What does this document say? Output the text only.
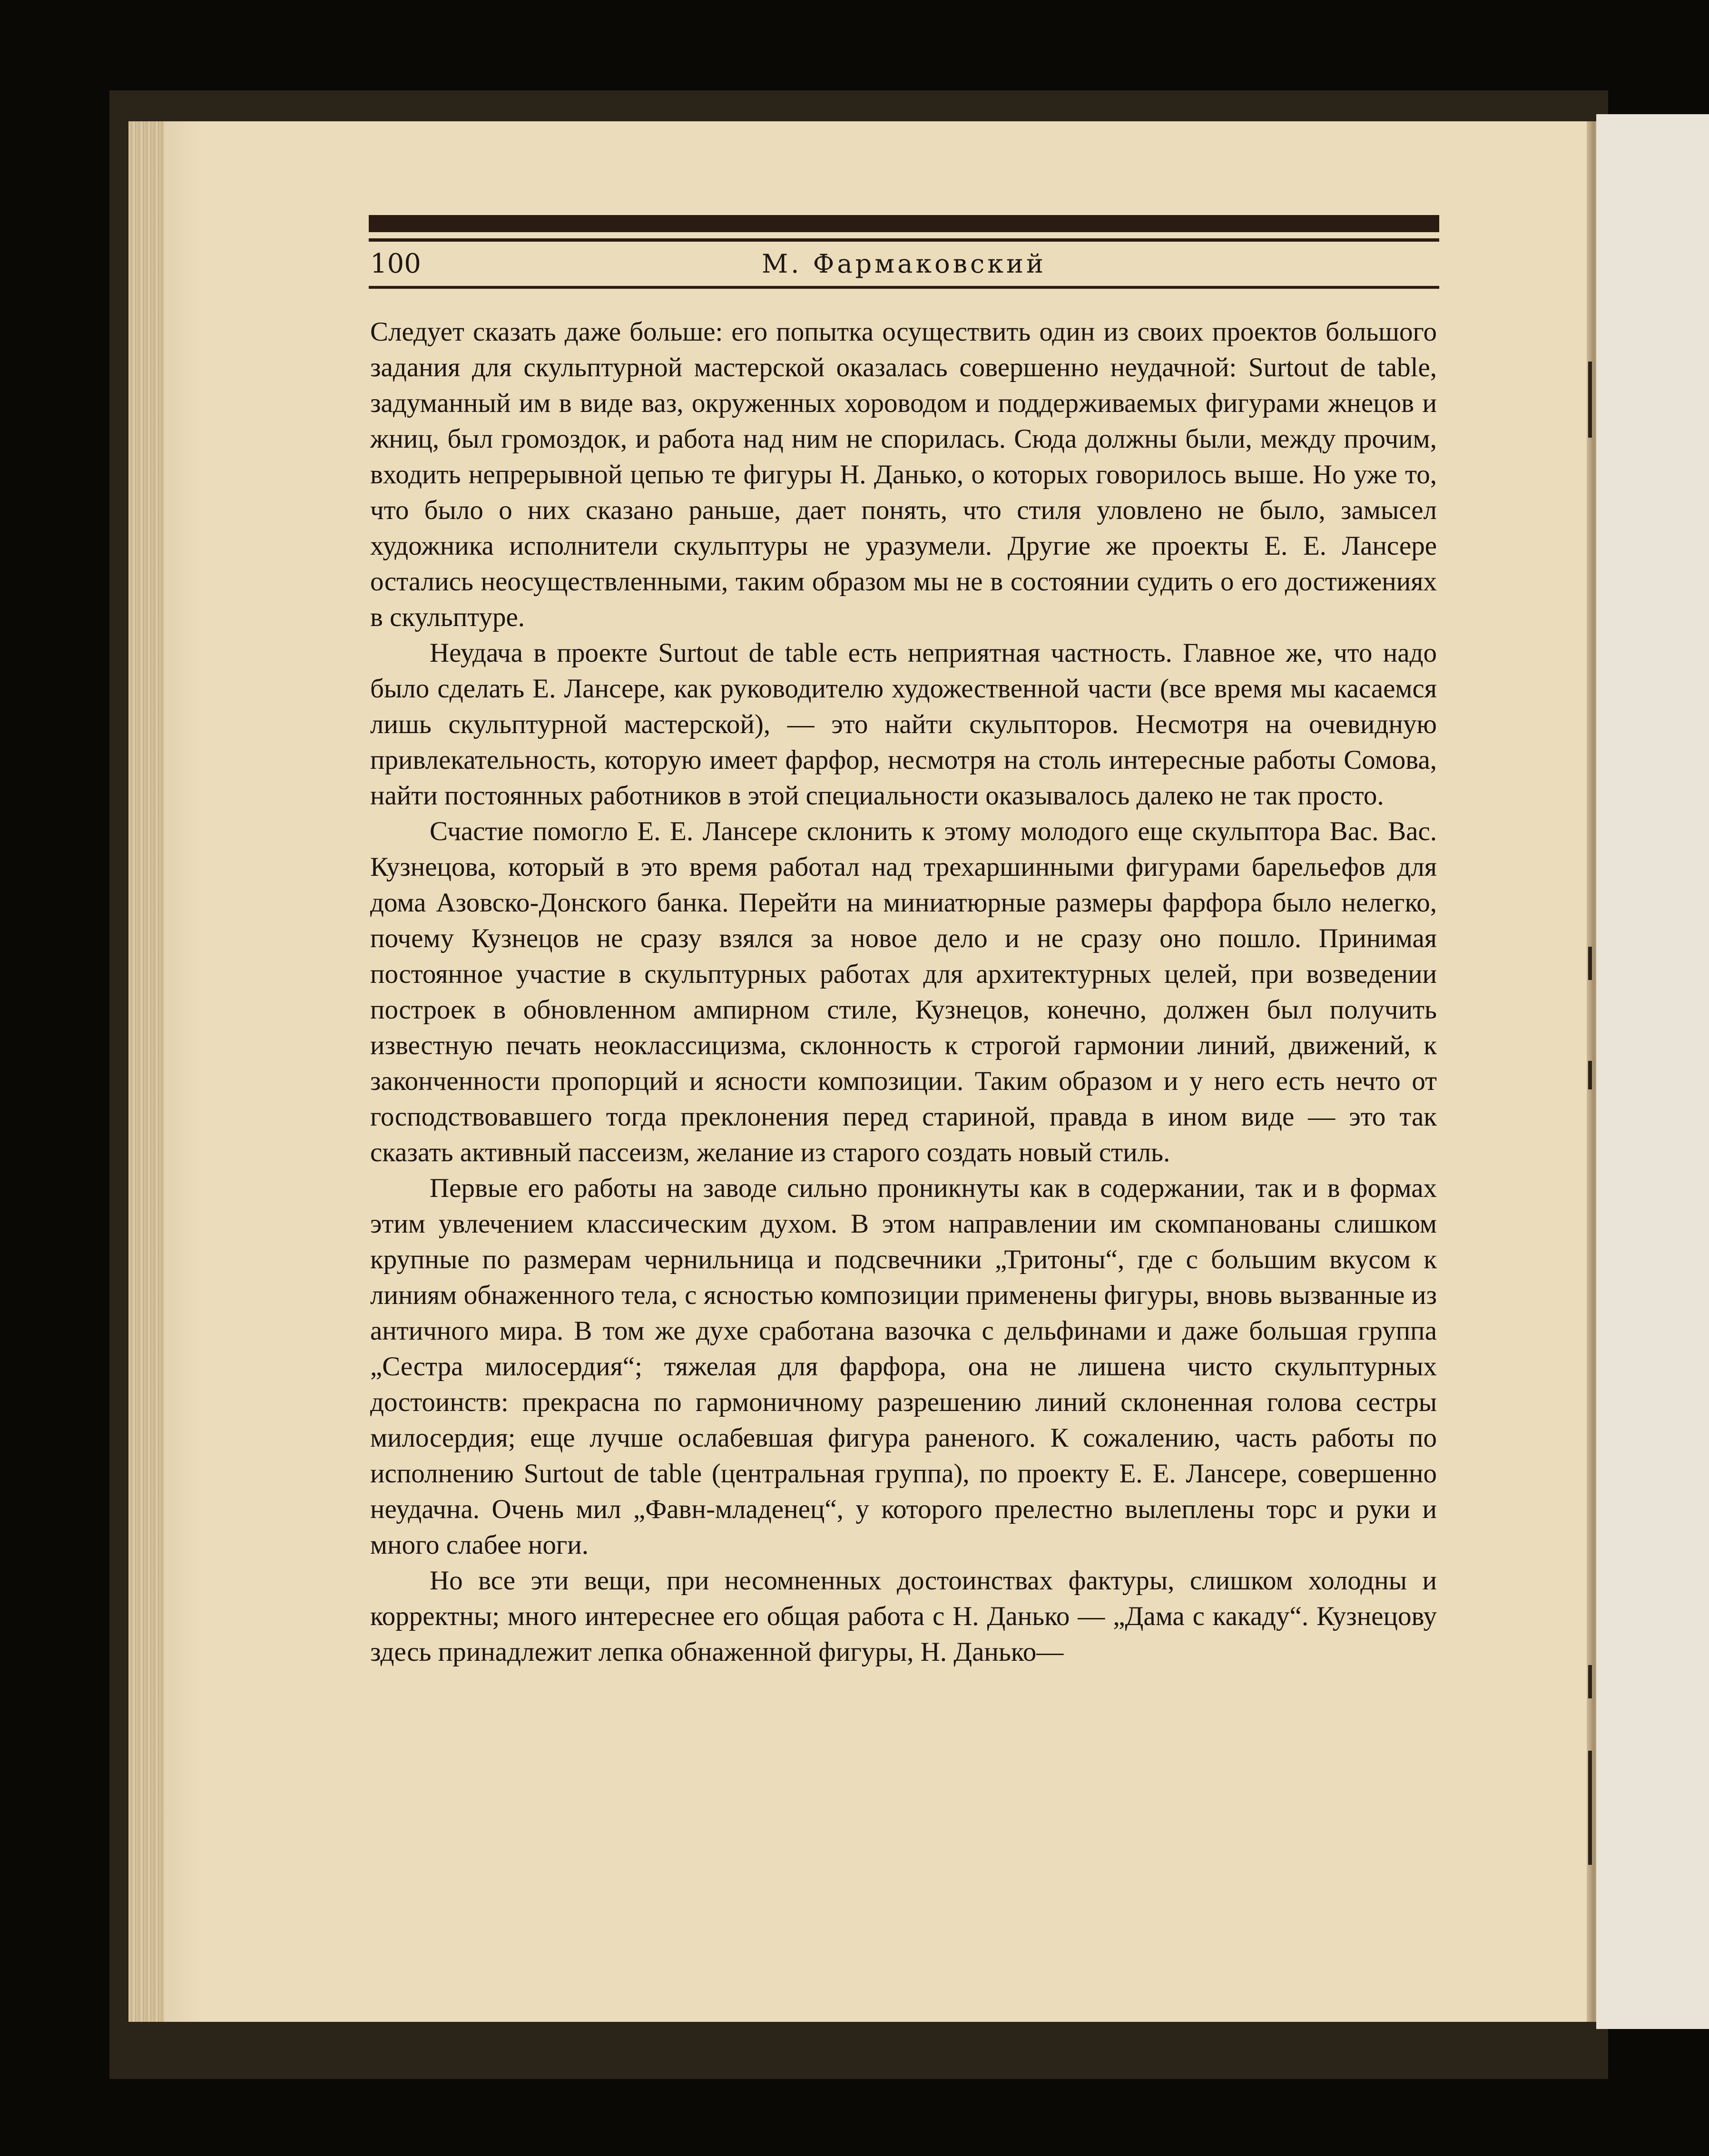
100	М. Фармаковский

Следует сказать даже больше: его попытка осуществить один из своих проектов большого задания для скульптурной мастерской оказалась совершенно неудачной: Surtout de table, задуманный им в виде ваз, окруженных хороводом и поддерживаемых фигурами жнецов и жниц, был громоздок, и работа над ним не спорилась. Сюда должны были, между прочим, входить непрерывной цепью те фигуры Н. Данько, о которых говорилось выше. Но уже то, что было о них сказано раньше, дает понять, что стиля уловлено не было, замысел художника исполнители скульптуры не уразумели. Другие же проекты Е. Е. Лансере остались неосуществленными, таким образом мы не в состоянии судить о его достижениях в скульптуре.

Неудача в проекте Surtout de table есть неприятная частность. Главное же, что надо было сделать Е. Лансере, как руководителю художественной части (все время мы касаемся лишь скульптурной мастерской), — это найти скульпторов. Несмотря на очевидную привлекательность, которую имеет фарфор, несмотря на столь интересные работы Сомова, найти постоянных работников в этой специальности оказывалось далеко не так просто.

Счастие помогло Е. Е. Лансере склонить к этому молодого еще скульптора Вас. Вас. Кузнецова, который в это время работал над трехаршинными фигурами барельефов для дома Азовско-Донского банка. Перейти на миниатюрные размеры фарфора было нелегко, почему Кузнецов не сразу взялся за новое дело и не сразу оно пошло. Принимая постоянное участие в скульптурных работах для архитектурных целей, при возведении построек в обновленном ампирном стиле, Кузнецов, конечно, должен был получить известную печать неоклассицизма, склонность к строгой гармонии линий, движений, к законченности пропорций и ясности композиции. Таким образом и у него есть нечто от господствовавшего тогда преклонения перед стариной, правда в ином виде — это так сказать активный пассеизм, желание из старого создать новый стиль.

Первые его работы на заводе сильно проникнуты как в содержании, так и в формах этим увлечением классическим духом. В этом направлении им скомпанованы слишком крупные по размерам чернильница и подсвечники „Тритоны“, где с большим вкусом к линиям обнаженного тела, с ясностью композиции применены фигуры, вновь вызванные из античного мира. В том же духе сработана вазочка с дельфинами и даже большая группа „Сестра милосердия“; тяжелая для фарфора, она не лишена чисто скульптурных достоинств: прекрасна по гармоничному разрешению линий склоненная голова сестры милосердия; еще лучше ослабевшая фигура раненого. К сожалению, часть работы по исполнению Surtout de table (центральная группа), по проекту Е. Е. Лансере, совершенно неудачна. Очень мил „Фавн-младенец“, у которого прелестно вылеплены торс и руки и много слабее ноги.

Но все эти вещи, при несомненных достоинствах фактуры, слишком холодны и корректны; много интереснее его общая работа с Н. Данько — „Дама с какаду“. Кузнецову здесь принадлежит лепка обнаженной фигуры, Н. Данько—
